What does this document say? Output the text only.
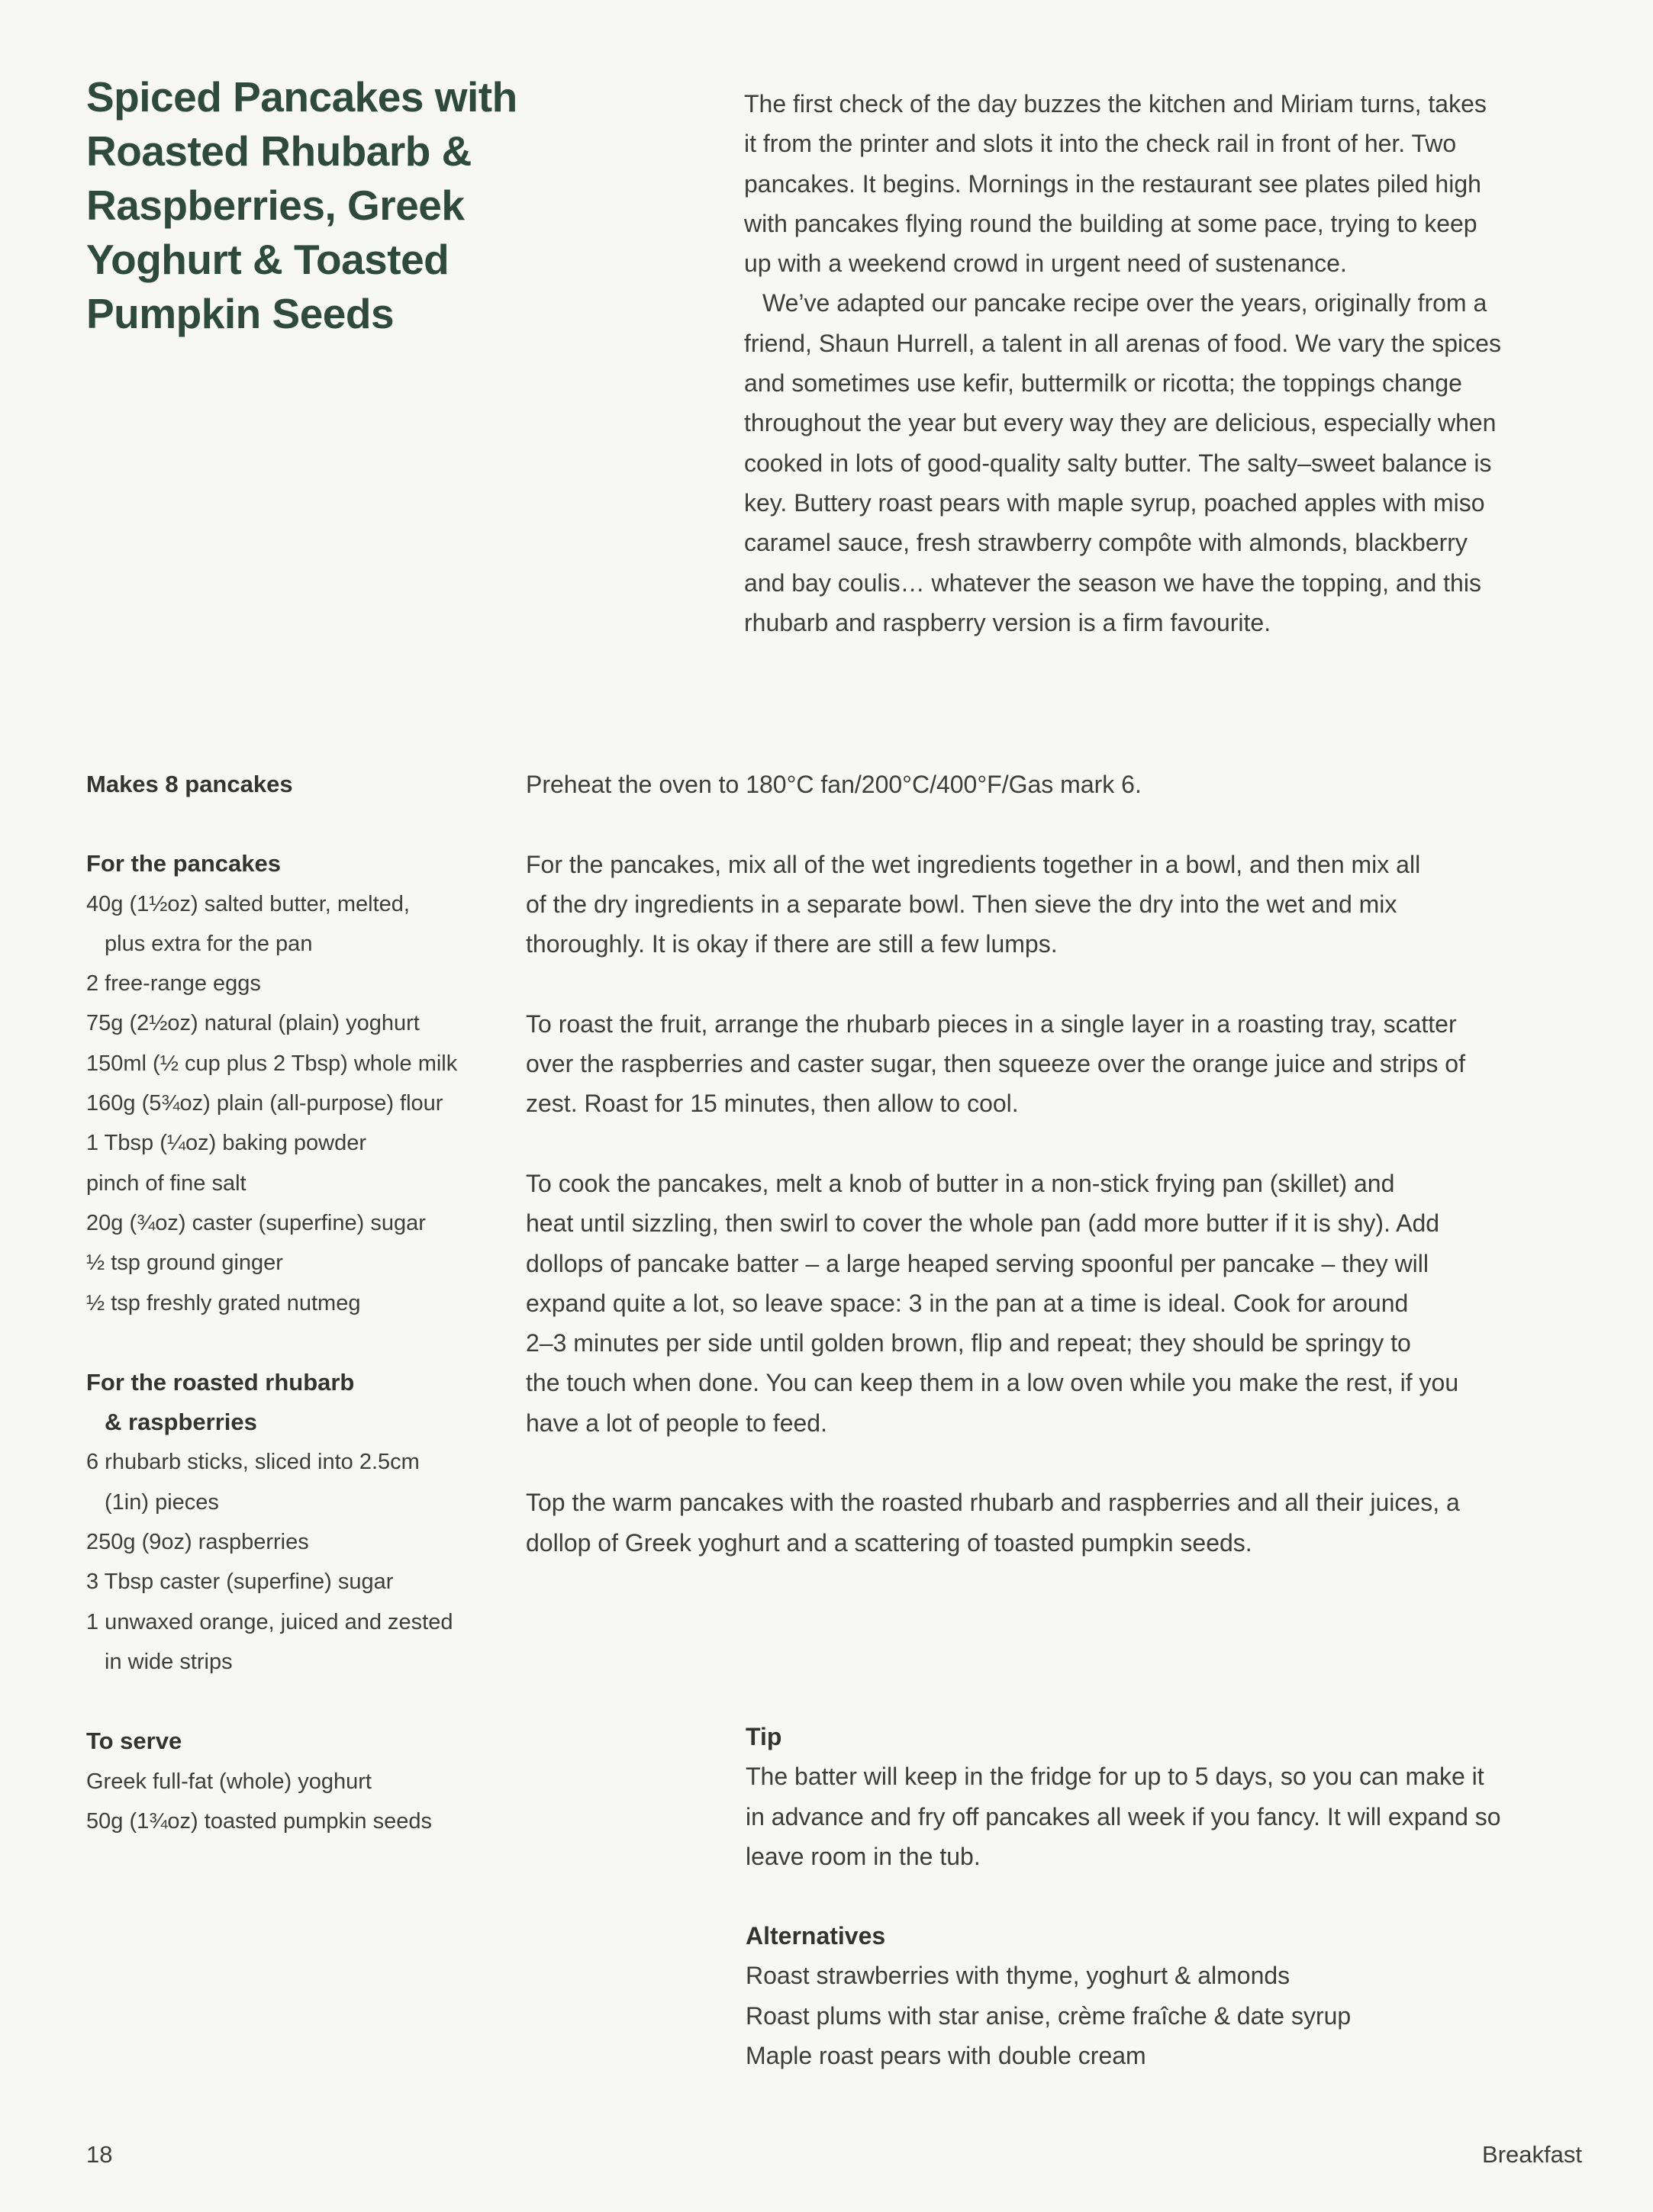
Spiced Pancakes with
Roasted Rhubarb &
Raspberries, Greek
Yoghurt & Toasted
Pumpkin Seeds

The first check of the day buzzes the kitchen and Miriam turns, takes
it from the printer and slots it into the check rail in front of her. Two
pancakes. It begins. Mornings in the restaurant see plates piled high
with pancakes flying round the building at some pace, trying to keep
up with a weekend crowd in urgent need of sustenance.

We’ve adapted our pancake recipe over the years, originally from a
friend, Shaun Hurrell, a talent in all arenas of food. We vary the spices
and sometimes use kefir, buttermilk or ricotta; the toppings change
throughout the year but every way they are delicious, especially when
cooked in lots of good-quality salty butter. The salty–sweet balance is
key. Buttery roast pears with maple syrup, poached apples with miso
caramel sauce, fresh strawberry compôte with almonds, blackberry
and bay coulis… whatever the season we have the topping, and this
rhubarb and raspberry version is a firm favourite.

Makes 8 pancakes
For the pancakes
40g (1½oz) salted butter, melted,
plus extra for the pan
2 free-range eggs
75g (2½oz) natural (plain) yoghurt
150ml (½ cup plus 2 Tbsp) whole milk
160g (5¾oz) plain (all-purpose) flour
1 Tbsp (¼oz) baking powder
pinch of fine salt
20g (¾oz) caster (superfine) sugar
½ tsp ground ginger
½ tsp freshly grated nutmeg
For the roasted rhubarb
& raspberries
6 rhubarb sticks, sliced into 2.5cm
(1in) pieces
250g (9oz) raspberries
3 Tbsp caster (superfine) sugar
1 unwaxed orange, juiced and zested
in wide strips
To serve
Greek full-fat (whole) yoghurt
50g (1¾oz) toasted pumpkin seeds

Preheat the oven to 180°C fan/200°C/400°F/Gas mark 6.

For the pancakes, mix all of the wet ingredients together in a bowl, and then mix all
of the dry ingredients in a separate bowl. Then sieve the dry into the wet and mix
thoroughly. It is okay if there are still a few lumps.

To roast the fruit, arrange the rhubarb pieces in a single layer in a roasting tray, scatter
over the raspberries and caster sugar, then squeeze over the orange juice and strips of
zest. Roast for 15 minutes, then allow to cool.

To cook the pancakes, melt a knob of butter in a non-stick frying pan (skillet) and
heat until sizzling, then swirl to cover the whole pan (add more butter if it is shy). Add
dollops of pancake batter – a large heaped serving spoonful per pancake – they will
expand quite a lot, so leave space: 3 in the pan at a time is ideal. Cook for around
2–3 minutes per side until golden brown, flip and repeat; they should be springy to
the touch when done. You can keep them in a low oven while you make the rest, if you
have a lot of people to feed.

Top the warm pancakes with the roasted rhubarb and raspberries and all their juices, a
dollop of Greek yoghurt and a scattering of toasted pumpkin seeds.

Tip
The batter will keep in the fridge for up to 5 days, so you can make it
in advance and fry off pancakes all week if you fancy. It will expand so
leave room in the tub.
Alternatives
Roast strawberries with thyme, yoghurt & almonds
Roast plums with star anise, crème fraîche & date syrup
Maple roast pears with double cream
18	Breakfast
